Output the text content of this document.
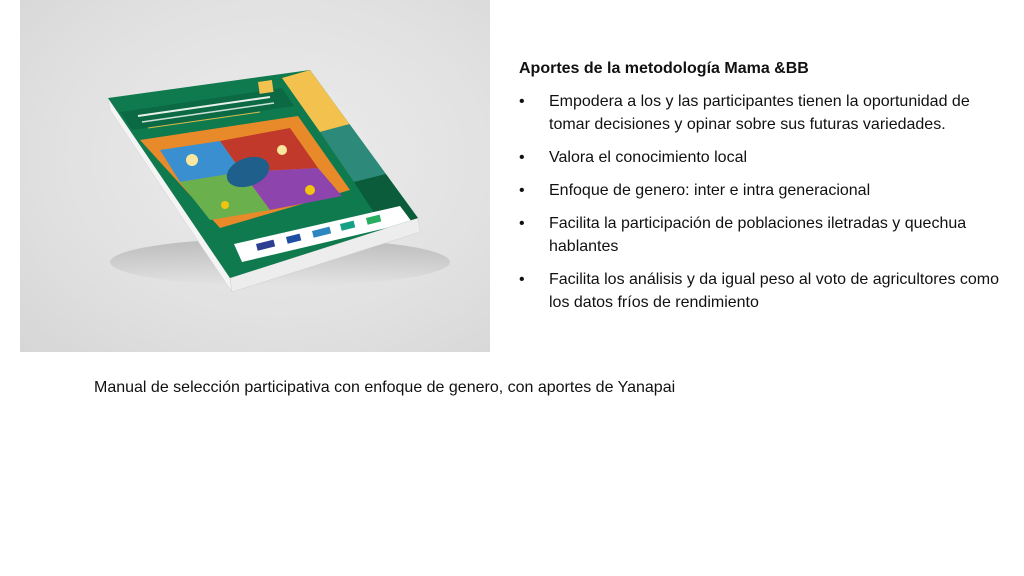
Aportes de la metodología Mama &BB
• Empodera a los y las participantes tienen la oportunidad de tomar decisiones y opinar sobre sus futuras variedades.
• Valora el conocimiento local
• Enfoque de genero: inter e intra generacional
• Facilita la participación de poblaciones iletradas y quechua hablantes
• Facilita los análisis y da igual peso al voto de agricultores como los datos fríos de rendimiento
Manual de selección participativa con enfoque de genero, con aportes de Yanapai
